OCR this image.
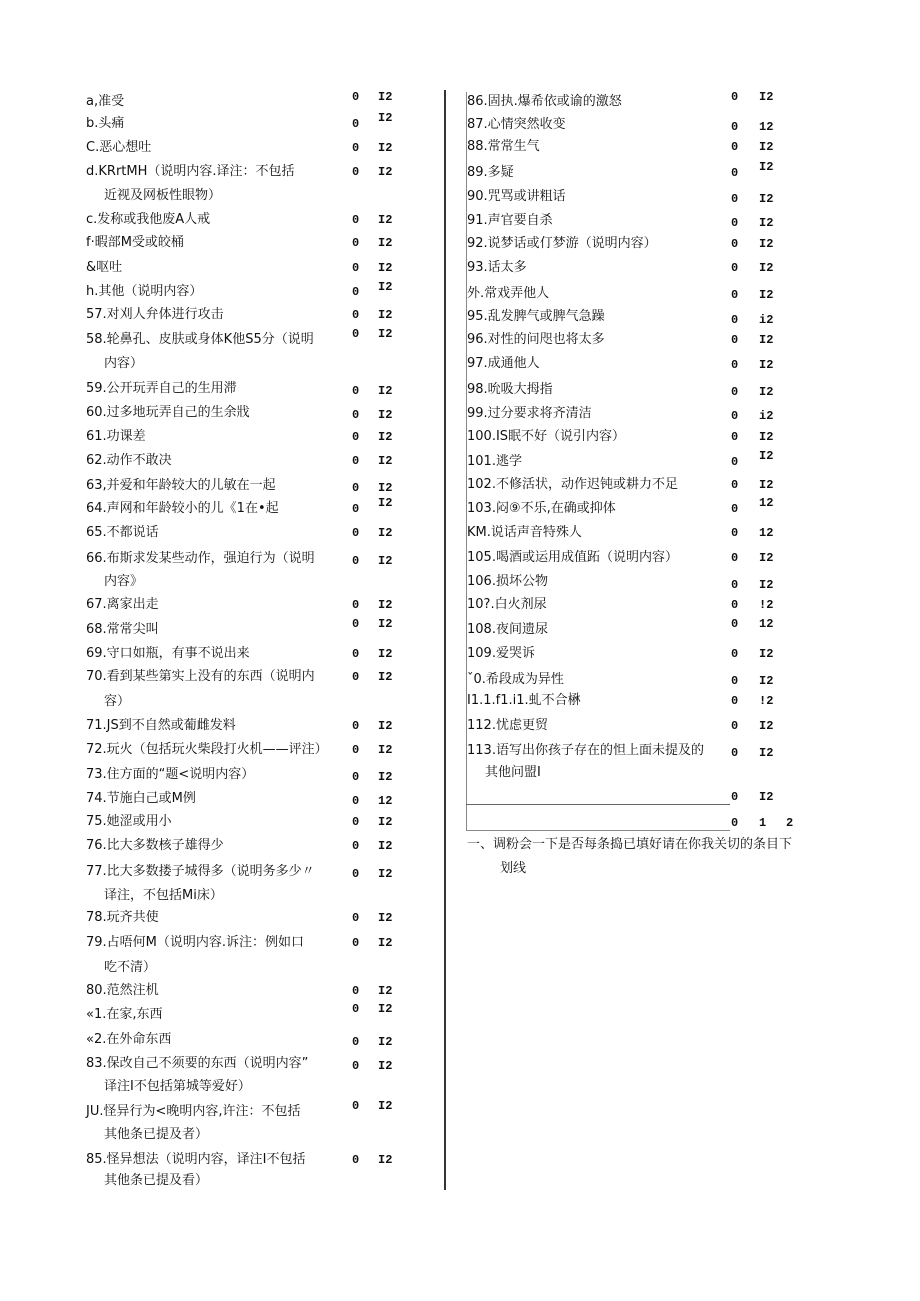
a,准受	0 I2
b.头痛	0 I2
C.恶心想吐	0 I2
d.KRrtMH（说明内容.译注：不包括
近视及网板性眼物）
0 I2
c.发称或我他废A人戒	0 I2
f·暇部M受或皎桶	0 I2
&呕吐	0 I2
h.其他（说明内容）	0 I2
57.对刈人弁体进行攻击	0 I2
58.轮鼻孔、皮肤或身体K他S5分（说明
内容）
0 I2
59.公开玩弄自己的生用滞	0 I2
60.过多地玩弄自己的生余戕	0 I2
61.功课差	0 I2
62.动作不敢决	0 I2
63,并爱和年龄较大的儿敏在一起	0 I2
64.声网和年龄较小的儿《1在•起	0 I2
65.不都说话	0 I2
66.布斯求发某些动作，强迫行为（说明
内容》
0 I2
67.离家出走	0 I2
68.常常尖叫	0 I2
69.守口如瓶，有事不说出来	0 I2
70.看到某些第实上没有的东西（说明内
容）
0 I2
71.JS到不自然或葡雌发料	0 I2
72.玩火（包括玩火柴段打火机——评注） 0 I2
73.住方面的“题<说明内容）	0 I2
74.节施白己或M例	0 12
75.她涩或用小	0 I2
76.比大多数核子雄得少	0 I2
77.比大多数搂子城得多（说明务多少〃
译注，不包括Mi床）
0 I2
78.玩齐共使	0 I2
79.占唔何M（说明内容.诉注：例如口
吃不清）
0 I2
80.范然注机	0 I2
«1.在家,东西	0 I2
«2.在外命东西	0 I2
83.保改自己不须要的东西（说明内容”
译注I不包括第城等爱好）
0 I2
JU.怪异行为<晚明内容,许注：不包括
其他条已提及者）
0 I2
85.怪异想法（说明内容，译注I不包括
其他条已提及看）
0 I2
86.固执.爆希依或谕的激怒	0 I2
87.心情突然收变	0 12
88.常常生气	0 I2
89.多疑	0 I2
90.咒骂或讲粗话	0 I2
91.声官要自杀	0 I2
92.说梦话或仃梦游（说明内容）	0 I2
93.话太多	0 I2
外.常戏弄他人	0 I2
95.乱发脾气或脾气急躁	0 i2
96.对性的问咫也将太多	0 I2
97.成通他人	0 I2
98.吮吸大拇指	0 I2
99.过分要求将齐清洁	0 i2
100.IS眠不好（说引内容）	0 I2
101.逃学	0 I2
102.不修活状，动作迟钝或耕力不足	0 I2
103.闷⑨不乐,在确或抑体	0 12
KM.说话声音特殊人	0 12
105.喝酒或运用成值跖（说明内容）	0 I2
106.损坏公物	0 I2
10?.白火剂尿	0 !2
108.夜间遗尿	0 12
109.爱哭诉	0 I2
ˇ0.希段成为异性	0 I2
I1.1.f1.i1.虬不合楙	0 !2
112.忧虑更贸	0 I2
113.语写出你孩子存在的怛上面未提及的
其他问盟I
0 I2
0 I2
0 1 2
一、调粉会一下是否每条捣已填好请在你我关切的条目下
划线
